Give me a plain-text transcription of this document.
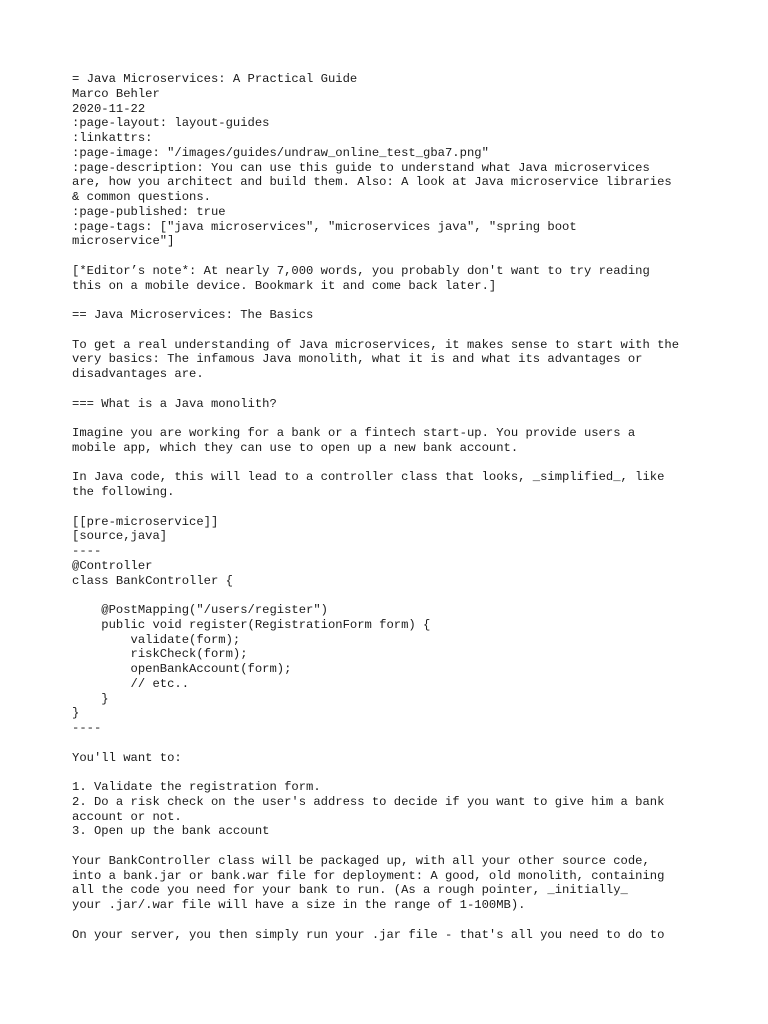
= Java Microservices: A Practical Guide
Marco Behler
2020-11-22
:page-layout: layout-guides
:linkattrs:
:page-image: "/images/guides/undraw_online_test_gba7.png"
:page-description: You can use this guide to understand what Java microservices
are, how you architect and build them. Also: A look at Java microservice libraries
& common questions.
:page-published: true
:page-tags: ["java microservices", "microservices java", "spring boot
microservice"]
[*Editor’s note*: At nearly 7,000 words, you probably don't want to try reading
this on a mobile device. Bookmark it and come back later.]
== Java Microservices: The Basics
To get a real understanding of Java microservices, it makes sense to start with the
very basics: The infamous Java monolith, what it is and what its advantages or
disadvantages are.
=== What is a Java monolith?
Imagine you are working for a bank or a fintech start-up. You provide users a
mobile app, which they can use to open up a new bank account.
In Java code, this will lead to a controller class that looks, _simplified_, like
the following.
[[pre-microservice]]
[source,java]
----
@Controller
class BankController {
@PostMapping("/users/register")
public void register(RegistrationForm form) {
validate(form);
riskCheck(form);
openBankAccount(form);
// etc..
}
}
----
You'll want to:
1. Validate the registration form.
2. Do a risk check on the user's address to decide if you want to give him a bank
account or not.
3. Open up the bank account
Your BankController class will be packaged up, with all your other source code,
into a bank.jar or bank.war file for deployment: A good, old monolith, containing
all the code you need for your bank to run. (As a rough pointer, _initially_
your .jar/.war file will have a size in the range of 1-100MB).
On your server, you then simply run your .jar file - that's all you need to do to
